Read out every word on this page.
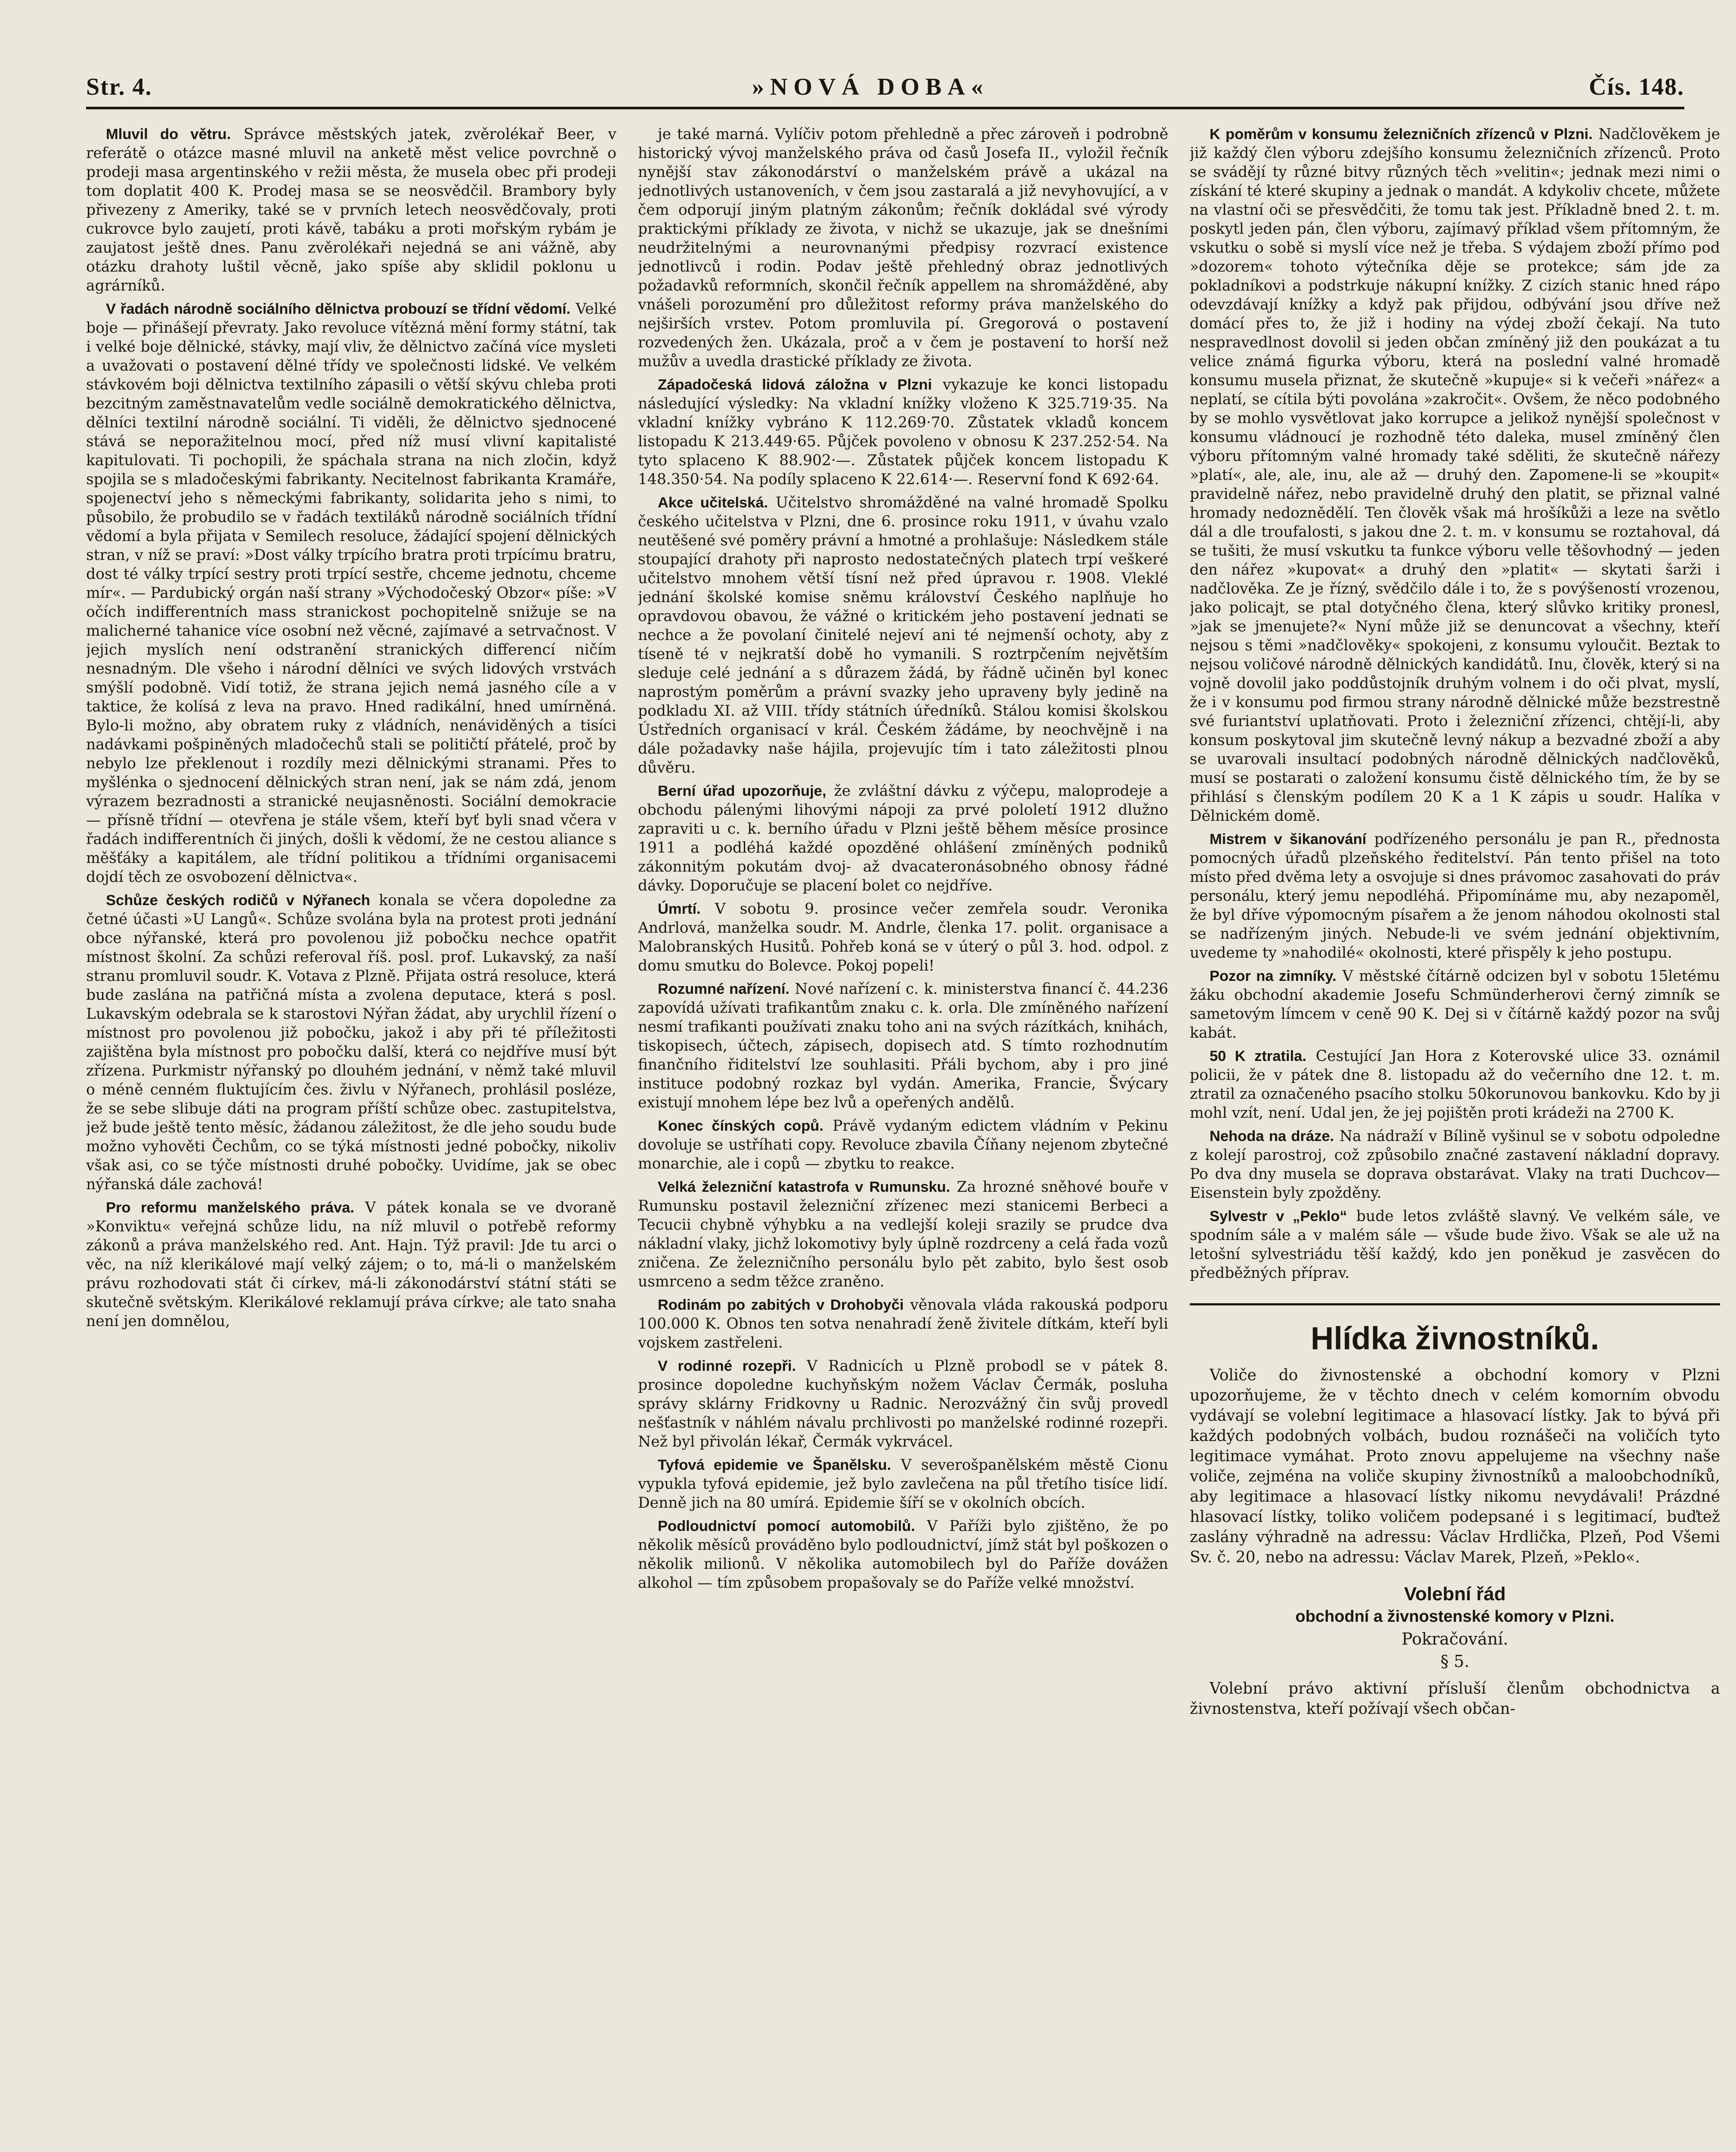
Str. 4.	»NOVÁ DOBA«	Čís. 148.

Mluvil do větru. Správce městských jatek, zvěrolékař Beer, v referátě o otázce masné mluvil na anketě měst velice povrchně o prodeji masa argentinského v režii města, že musela obec při prodeji tom doplatit 400 K. Prodej masa se se neosvědčil. Brambory byly přivezeny z Ameriky, také se v prvních letech neosvědčovaly, proti cukrovce bylo zaujetí, proti kávě, tabáku a proti mořským rybám je zaujatost ještě dnes. Panu zvěrolékaři nejedná se ani vážně, aby otázku drahoty luštil věcně, jako spíše aby sklidil poklonu u agrárníků.

V řadách národně sociálního dělnictva probouzí se třídní vědomí. Velké boje — přinášejí převraty. Jako revoluce vítězná mění formy státní, tak i velké boje dělnické, stávky, mají vliv, že dělnictvo začíná více mysleti a uvažovati o postavení dělné třídy ve společnosti lidské. Ve velkém stávkovém boji dělnictva textilního zápasili o větší skývu chleba proti bezcitným zaměstnavatelům vedle sociálně demokratického dělnictva, dělníci textilní národně sociální. Ti viděli, že dělnictvo sjednocené stává se neporažitelnou mocí, před níž musí vlivní kapitalisté kapitulovati. Ti pochopili, že spáchala strana na nich zločin, když spojila se s mladočeskými fabrikanty. Necitelnost fabrikanta Kramáře, spojenectví jeho s německými fabrikanty, solidarita jeho s nimi, to působilo, že probudilo se v řadách textiláků národně sociálních třídní vědomí a byla přijata v Semilech resoluce, žádající spojení dělnických stran, v níž se praví: »Dost války trpícího bratra proti trpícímu bratru, dost té války trpící sestry proti trpící sestře, chceme jednotu, chceme mír«. — Pardubický orgán naší strany »Východočeský Obzor« píše: »V očích indifferentních mass stranickost pochopitelně snižuje se na malicherné tahanice více osobní než věcné, zajímavé a setrvačnost. V jejich myslích není odstranění stranických differencí ničím nesnadným. Dle všeho i národní dělníci ve svých lidových vrstvách smýšlí podobně. Vidí totiž, že strana jejich nemá jasného cíle a v taktice, že kolísá z leva na pravo. Hned radikální, hned umírněná. Bylo-li možno, aby obratem ruky z vládních, nenáviděných a tisíci nadávkami pošpiněných mladočechů stali se političtí přátelé, proč by nebylo lze překlenout i rozdíly mezi dělnickými stranami. Přes to myšlénka o sjednocení dělnických stran není, jak se nám zdá, jenom výrazem bezradnosti a stranické neujasněnosti. Sociální demokracie — přísně třídní — otevřena je stále všem, kteří byť byli snad včera v řadách indifferentních či jiných, došli k vědomí, že ne cestou aliance s měšťáky a kapitálem, ale třídní politikou a třídními organisacemi dojdí těch ze osvobození dělnictva«.

Schůze českých rodičů v Nýřanech konala se včera dopoledne za četné účasti »U Langů«. Schůze svolána byla na protest proti jednání obce nýřanské, která pro povolenou již pobočku nechce opatřit místnost školní. Za schůzi referoval říš. posl. prof. Lukavský, za naší stranu promluvil soudr. K. Votava z Plzně. Přijata ostrá resoluce, která bude zaslána na patřičná místa a zvolena deputace, která s posl. Lukavským odebrala se k starostovi Nýřan žádat, aby urychlil řízení o místnost pro povolenou již pobočku, jakož i aby při té příležitosti zajištěna byla místnost pro pobočku další, která co nejdříve musí být zřízena. Purkmistr nýřanský po dlouhém jednání, v němž také mluvil o méně cenném fluktujícím čes. živlu v Nýřanech, prohlásil posléze, že se sebe slibuje dáti na program příští schůze obec. zastupitelstva, jež bude ještě tento měsíc, žádanou záležitost, že dle jeho soudu bude možno vyhověti Čechům, co se týká místnosti jedné pobočky, nikoliv však asi, co se týče místnosti druhé pobočky. Uvidíme, jak se obec nýřanská dále zachová!

Pro reformu manželského práva. V pátek konala se ve dvoraně »Konviktu« veřejná schůze lidu, na níž mluvil o potřebě reformy zákonů a práva manželského red. Ant. Hajn. Týž pravil: Jde tu arci o věc, na níž klerikálové mají velký zájem; o to, má-li o manželském právu rozhodovati stát či církev, má-li zákonodárství státní státi se skutečně světským. Klerikálové reklamují práva církve; ale tato snaha není jen domnělou,

je také marná. Vylíčiv potom přehledně a přec zároveň i podrobně historický vývoj manželského práva od časů Josefa II., vyložil řečník nynější stav zákonodárství o manželském právě a ukázal na jednotlivých ustanoveních, v čem jsou zastaralá a již nevyhovující, a v čem odporují jiným platným zákonům; řečník dokládal své výrody praktickými příklady ze života, v nichž se ukazuje, jak se dnešními neudržitelnými a neurovnanými předpisy rozvrací existence jednotlivců i rodin. Podav ještě přehledný obraz jednotlivých požadavků reformních, skončil řečník appellem na shromážděné, aby vnášeli porozumění pro důležitost reformy práva manželského do nejširších vrstev. Potom promluvila pí. Gregorová o postavení rozvedených žen. Ukázala, proč a v čem je postavení to horší než mužův a uvedla drastické příklady ze života.

Západočeská lidová záložna v Plzni vykazuje ke konci listopadu následující výsledky: Na vkladní knížky vloženo K 325.719·35. Na vkladní knížky vybráno K 112.269·70. Zůstatek vkladů koncem listopadu K 213.449·65. Půjček povoleno v obnosu K 237.252·54. Na tyto splaceno K 88.902·—. Zůstatek půjček koncem listopadu K 148.350·54. Na podíly splaceno K 22.614·—. Reservní fond K 692·64.

Akce učitelská. Učitelstvo shromážděné na valné hromadě Spolku českého učitelstva v Plzni, dne 6. prosince roku 1911, v úvahu vzalo neutěšené své poměry právní a hmotné a prohlašuje: Následkem stále stoupající drahoty při naprosto nedostatečných platech trpí veškeré učitelstvo mnohem větší tísní než před úpravou r. 1908. Vleklé jednání školské komise sněmu království Českého naplňuje ho opravdovou obavou, že vážné o kritickém jeho postavení jednati se nechce a že povolaní činitelé nejeví ani té nejmenší ochoty, aby z tíseně té v nejkratší době ho vymanili. S roztrpčením největším sleduje celé jednání a s důrazem žádá, by řádně učiněn byl konec naprostým poměrům a právní svazky jeho upraveny byly jedině na podkladu XI. až VIII. třídy státních úředníků. Stálou komisi školskou Ústředních organisací v král. Českém žádáme, by neochvějně i na dále požadavky naše hájila, projevujíc tím i tato záležitosti plnou důvěru.

Berní úřad upozorňuje, že zvláštní dávku z výčepu, maloprodeje a obchodu pálenými lihovými nápoji za prvé pololetí 1912 dlužno zapraviti u c. k. berního úřadu v Plzni ještě během měsíce prosince 1911 a podléhá každé opozděné ohlášení zmíněných podniků zákonnitým pokutám dvoj- až dvacateronásobného obnosy řádné dávky. Doporučuje se placení bolet co nejdříve.

Úmrtí. V sobotu 9. prosince večer zemřela soudr. Veronika Andrlová, manželka soudr. M. Andrle, členka 17. polit. organisace a Malobranských Husitů. Pohřeb koná se v úterý o půl 3. hod. odpol. z domu smutku do Bolevce. Pokoj popeli!

Rozumné nařízení. Nové nařízení c. k. ministerstva financí č. 44.236 zapovídá užívati trafikantům znaku c. k. orla. Dle zmíněného nařízení nesmí trafikanti používati znaku toho ani na svých rázítkách, knihách, tiskopisech, účtech, zápisech, dopisech atd. S tímto rozhodnutím finančního řiditelství lze souhlasiti. Přáli bychom, aby i pro jiné instituce podobný rozkaz byl vydán. Amerika, Francie, Švýcary existují mnohem lépe bez lvů a opeřených andělů.

Konec čínských copů. Právě vydaným edictem vládním v Pekinu dovoluje se ustříhati copy. Revoluce zbavila Číňany nejenom zbytečné monarchie, ale i copů — zbytku to reakce.

Velká železniční katastrofa v Rumunsku. Za hrozné sněhové bouře v Rumunsku postavil železniční zřízenec mezi stanicemi Berbeci a Tecucii chybně výhybku a na vedlejší koleji srazily se prudce dva nákladní vlaky, jichž lokomotivy byly úplně rozdrceny a celá řada vozů zničena. Ze železničního personálu bylo pět zabito, bylo šest osob usmrceno a sedm těžce zraněno.

Rodinám po zabitých v Drohobyči věnovala vláda rakouská podporu 100.000 K. Obnos ten sotva nenahradí ženě živitele dítkám, kteří byli vojskem zastřeleni.

V rodinné rozepři. V Radnicích u Plzně probodl se v pátek 8. prosince dopoledne kuchyňským nožem Václav Čermák, posluha správy sklárny Fridkovny u Radnic. Nerozvážný čin svůj provedl nešťastník v náhlém návalu prchlivosti po manželské rodinné rozepři. Než byl přivolán lékař, Čermák vykrvácel.

Tyfová epidemie ve Španělsku. V severošpanělském městě Cionu vypukla tyfová epidemie, jež bylo zavlečena na půl třetího tisíce lidí. Denně jich na 80 umírá. Epidemie šíří se v okolních obcích.

Podloudnictví pomocí automobilů. V Paříži bylo zjištěno, že po několik měsíců prováděno bylo podloudnictví, jímž stát byl poškozen o několik milionů. V několika automobilech byl do Paříže dovážen alkohol — tím způsobem propašovaly se do Paříže velké množství.

K poměrům v konsumu železničních zřízenců v Plzni. Nadčlověkem je již každý člen výboru zdejšího konsumu železničních zřízenců. Proto se svádějí ty různé bitvy různých těch »velitin«; jednak mezi nimi o získání té které skupiny a jednak o mandát. A kdykoliv chcete, můžete na vlastní oči se přesvědčiti, že tomu tak jest. Příkladně bned 2. t. m. poskytl jeden pán, člen výboru, zajímavý příklad všem přítomným, že vskutku o sobě si myslí více než je třeba. S výdajem zboží přímo pod »dozorem« tohoto výtečníka děje se protekce; sám jde za pokladníkovi a podstrkuje nákupní knížky. Z cizích stanic hned rápo odevzdávají knížky a když pak přijdou, odbývání jsou dříve než domácí přes to, že již i hodiny na výdej zboží čekají. Na tuto nespravedlnost dovolil si jeden občan zmíněný již den poukázat a tu velice známá figurka výboru, která na poslední valné hromadě konsumu musela přiznat, že skutečně »kupuje« si k večeři »nářez« a neplatí, se cítila býti povolána »zakročit«. Ovšem, že něco podobného by se mohlo vysvětlovat jako korrupce a jelikož nynější společnost v konsumu vládnoucí je rozhodně této daleka, musel zmíněný člen výboru přítomným valné hromady také sděliti, že skutečně nářezy »platí«, ale, ale, inu, ale až — druhý den. Zapomene-li se »koupit« pravidelně nářez, nebo pravidelně druhý den platit, se přiznal valné hromady nedoznědělí. Ten člověk však má hrošíkůži a leze na světlo dál a dle troufalosti, s jakou dne 2. t. m. v konsumu se roztahoval, dá se tušiti, že musí vskutku ta funkce výboru velle těšovhodný — jeden den nářez »kupovat« a druhý den »platit« — skytati šarži i nadčlověka. Ze je řízný, svědčilo dále i to, že s povýšeností vrozenou, jako policajt, se ptal dotyčného člena, který slůvko kritiky pronesl, »jak se jmenujete?« Nyní může již se denuncovat a všechny, kteří nejsou s těmi »nadčlověky« spokojeni, z konsumu vyloučit. Beztak to nejsou voličové národně dělnických kandidátů. Inu, člověk, který si na vojně dovolil jako poddůstojník druhým volnem i do oči plvat, myslí, že i v konsumu pod firmou strany národně dělnické může bezstrestně své furiantství uplatňovati. Proto i železniční zřízenci, chtějí-li, aby konsum poskytoval jim skutečně levný nákup a bezvadné zboží a aby se uvarovali insultací podobných národně dělnických nadčlověků, musí se postarati o založení konsumu čistě dělnického tím, že by se přihlásí s členským podílem 20 K a 1 K zápis u soudr. Halíka v Dělnickém domě.

Mistrem v šikanování podřízeného personálu je pan R., přednosta pomocných úřadů plzeňského ředitelství. Pán tento přišel na toto místo před dvěma lety a osvojuje si dnes právomoc zasahovati do práv personálu, který jemu nepodléhá. Připomínáme mu, aby nezapoměl, že byl dříve výpomocným písařem a že jenom náhodou okolnosti stal se nadřízeným jiných. Nebude-li ve svém jednání objektivním, uvedeme ty »nahodilé« okolnosti, které přispěly k jeho postupu.

Pozor na zimníky. V městské čítárně odcizen byl v sobotu 15letému žáku obchodní akademie Josefu Schmünderherovi černý zimník se sametovým límcem v ceně 90 K. Dej si v čítárně každý pozor na svůj kabát.

50 K ztratila. Cestující Jan Hora z Koterovské ulice 33. oznámil policii, že v pátek dne 8. listopadu až do večerního dne 12. t. m. ztratil za označeného psacího stolku 50korunovou bankovku. Kdo by ji mohl vzít, není. Udal jen, že jej pojištěn proti krádeži na 2700 K.

Nehoda na dráze. Na nádraží v Bílině vyšinul se v sobotu odpoledne z kolejí parostroj, což způsobilo značné zastavení nákladní dopravy. Po dva dny musela se doprava obstarávat. Vlaky na trati Duchcov—Eisenstein byly zpožděny.

Sylvestr v „Peklo“ bude letos zvláště slavný. Ve velkém sále, ve spodním sále a v malém sále — všude bude živo. Však se ale už na letošní sylvestriádu těší každý, kdo jen poněkud je zasvěcen do předběžných příprav.

Hlídka živnostníků.

Voliče do živnostenské a obchodní komory v Plzni upozorňujeme, že v těchto dnech v celém komorním obvodu vydávají se volební legitimace a hlasovací lístky. Jak to bývá při každých podobných volbách, budou roznášeči na voličích tyto legitimace vymáhat. Proto znovu appelujeme na všechny naše voliče, zejména na voliče skupiny živnostníků a maloobchodníků, aby legitimace a hlasovací lístky nikomu nevydávali! Prázdné hlasovací lístky, toliko voličem podepsané i s legitimací, buďtež zaslány výhradně na adressu: Václav Hrdlička, Plzeň, Pod Všemi Sv. č. 20, nebo na adressu: Václav Marek, Plzeň, »Peklo«.

Volební řád
obchodní a živnostenské komory v Plzni.
Pokračování.
§ 5.

Volební právo aktivní přísluší členům obchodnictva a živnostenstva, kteří požívají všech občan-
